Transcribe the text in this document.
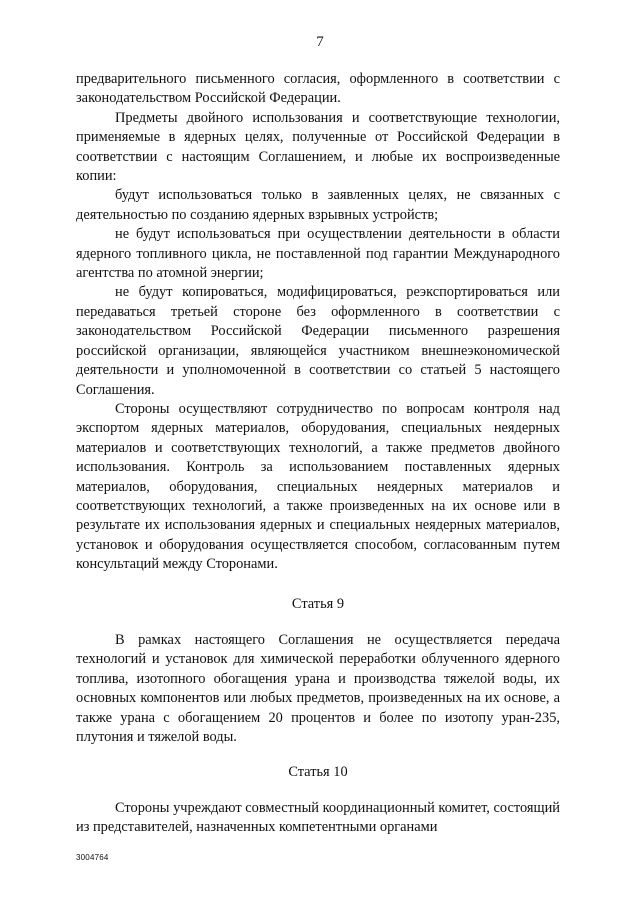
7

предварительного письменного согласия, оформленного в соответствии с законодательством Российской Федерации.

Предметы двойного использования и соответствующие технологии, применяемые в ядерных целях, полученные от Российской Федерации в соответствии с настоящим Соглашением, и любые их воспроизведенные копии:

будут использоваться только в заявленных целях, не связанных с деятельностью по созданию ядерных взрывных устройств;

не будут использоваться при осуществлении деятельности в области ядерного топливного цикла, не поставленной под гарантии Международного агентства по атомной энергии;

не будут копироваться, модифицироваться, реэкспортироваться или передаваться третьей стороне без оформленного в соответствии с законодательством Российской Федерации письменного разрешения российской организации, являющейся участником внешнеэкономической деятельности и уполномоченной в соответствии со статьей 5 настоящего Соглашения.

Стороны осуществляют сотрудничество по вопросам контроля над экспортом ядерных материалов, оборудования, специальных неядерных материалов и соответствующих технологий, а также предметов двойного использования. Контроль за использованием поставленных ядерных материалов, оборудования, специальных неядерных материалов и соответствующих технологий, а также произведенных на их основе или в результате их использования ядерных и специальных неядерных материалов, установок и оборудования осуществляется способом, согласованным путем консультаций между Сторонами.

Статья 9

В рамках настоящего Соглашения не осуществляется передача технологий и установок для химической переработки облученного ядерного топлива, изотопного обогащения урана и производства тяжелой воды, их основных компонентов или любых предметов, произведенных на их основе, а также урана с обогащением 20 процентов и более по изотопу уран-235, плутония и тяжелой воды.

Статья 10

Стороны учреждают совместный координационный комитет, состоящий из представителей, назначенных компетентными органами

3004764
